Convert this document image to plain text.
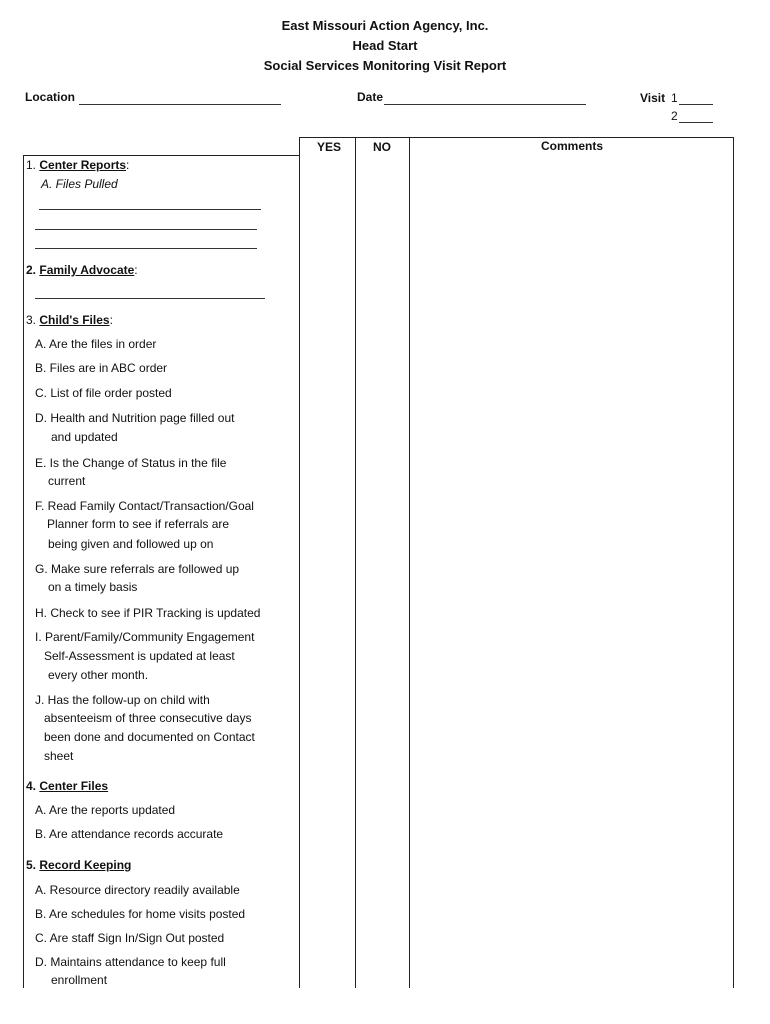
East Missouri Action Agency, Inc.
Head Start
Social Services Monitoring Visit Report
Location	Date	Visit 1
2
YES	NO	Comments
1. Center Reports:
A. Files Pulled
2. Family Advocate:
3. Child's Files:
A. Are the files in order
B. Files are in ABC order
C. List of file order posted
D. Health and Nutrition page filled out
and updated
E. Is the Change of Status in the file
current
F. Read Family Contact/Transaction/Goal
Planner form to see if referrals are
being given and followed up on
G. Make sure referrals are followed up
on a timely basis
H. Check to see if PIR Tracking is updated
I. Parent/Family/Community Engagement
Self-Assessment is updated at least
every other month.
J. Has the follow-up on child with
absenteeism of three consecutive days
been done and documented on Contact
sheet
4. Center Files
A. Are the reports updated
B. Are attendance records accurate
5. Record Keeping
A. Resource directory readily available
B. Are schedules for home visits posted
C. Are staff Sign In/Sign Out posted
D. Maintains attendance to keep full
enrollment
